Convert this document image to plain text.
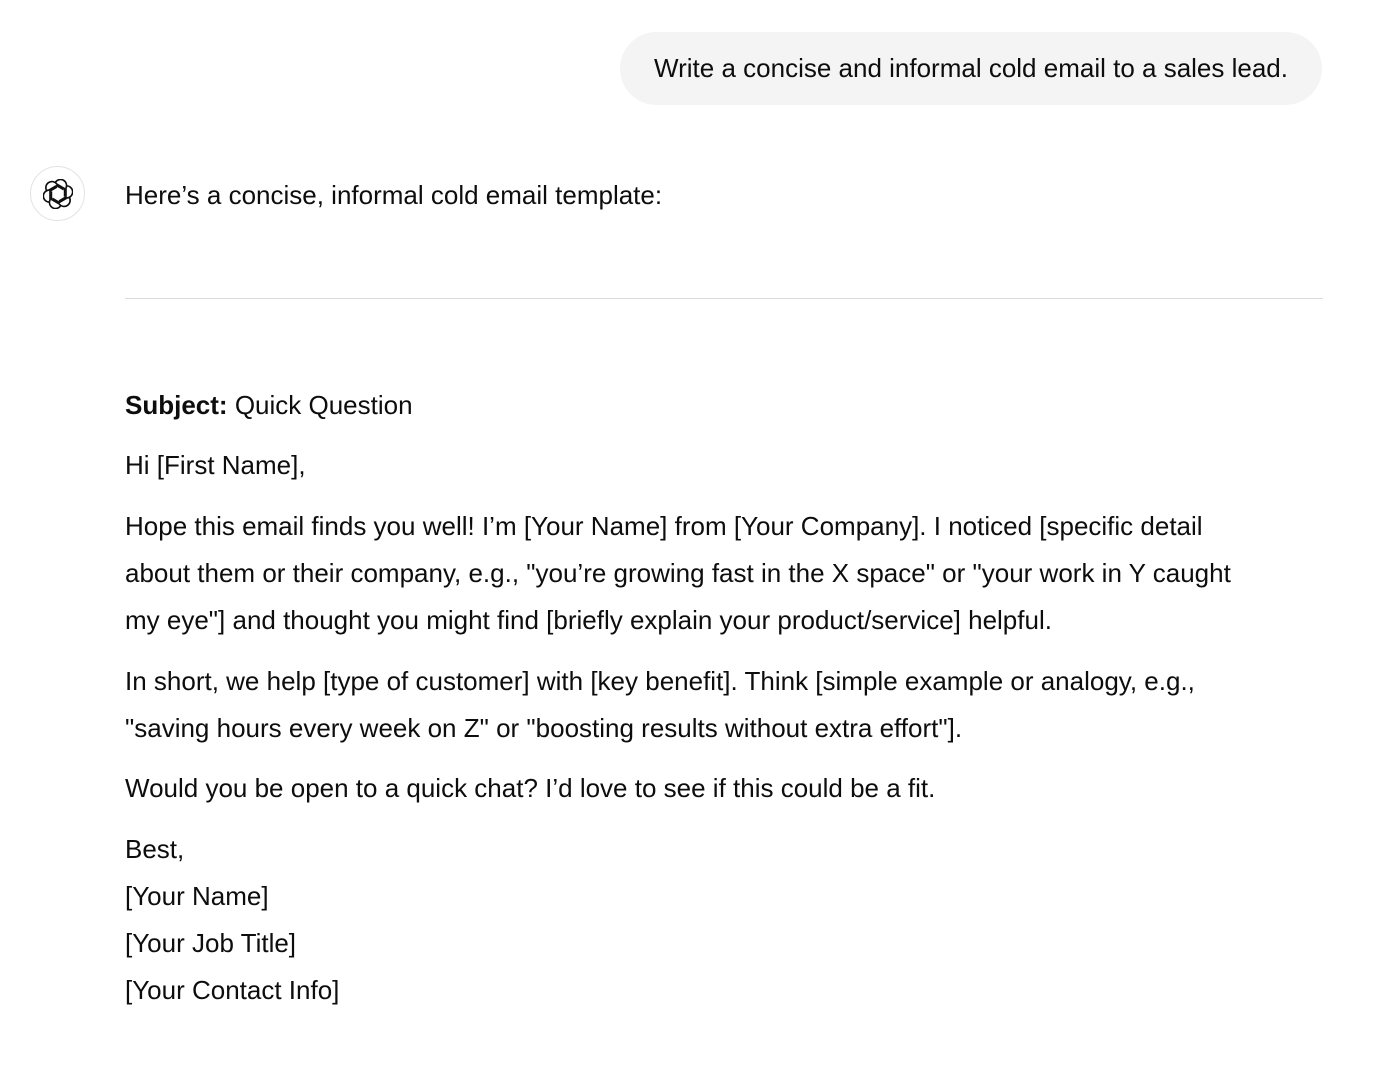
Write a concise and informal cold email to a sales lead.
Here’s a concise, informal cold email template:
Subject: Quick Question
Hi [First Name],
Hope this email finds you well! I’m [Your Name] from [Your Company]. I noticed [specific detail
about them or their company, e.g., "you’re growing fast in the X space" or "your work in Y caught
my eye"] and thought you might find [briefly explain your product/service] helpful.
In short, we help [type of customer] with [key benefit]. Think [simple example or analogy, e.g.,
"saving hours every week on Z" or "boosting results without extra effort"].
Would you be open to a quick chat? I’d love to see if this could be a fit.
Best,
[Your Name]
[Your Job Title]
[Your Contact Info]
